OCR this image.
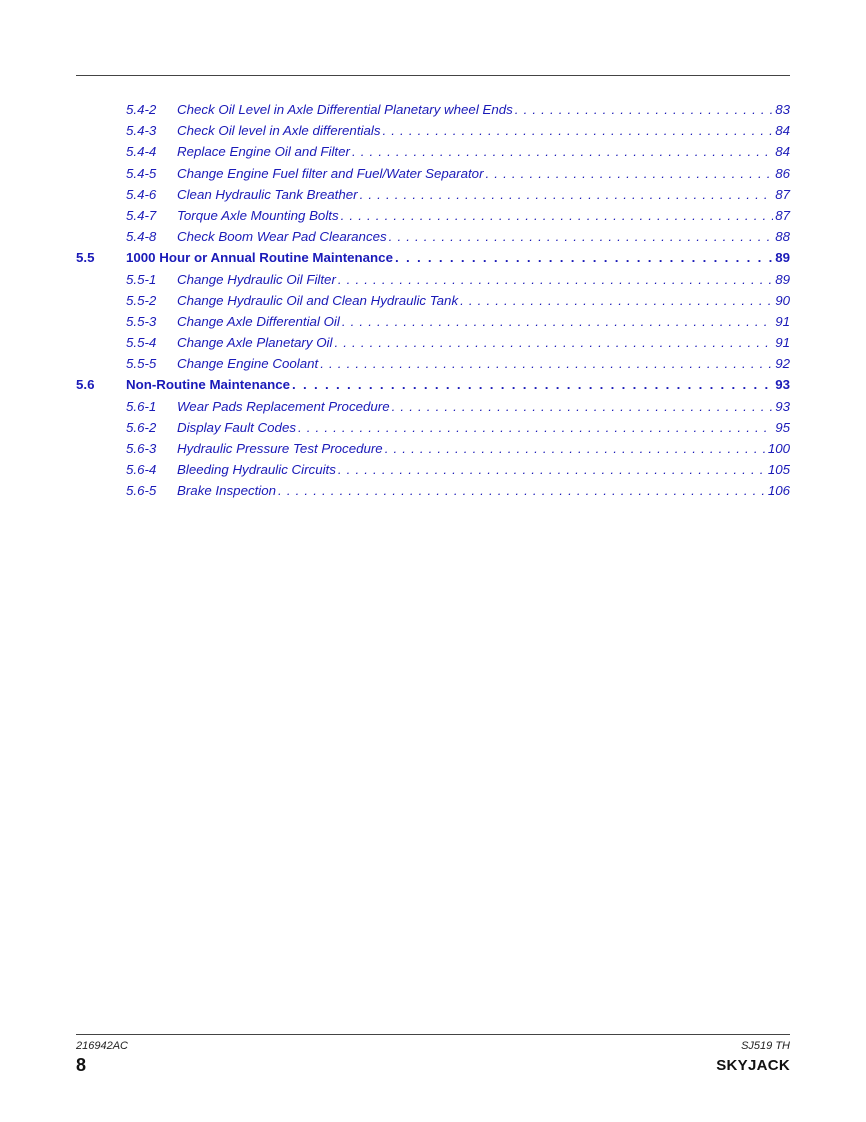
5.4-2 Check Oil Level in Axle Differential Planetary wheel Ends . . .	83
5.4-3 Check Oil level in Axle differentials . . .	84
5.4-4 Replace Engine Oil and Filter . . .	84
5.4-5 Change Engine Fuel filter and Fuel/Water Separator . . .	86
5.4-6 Clean Hydraulic Tank Breather . . .	87
5.4-7 Torque Axle Mounting Bolts . . .	87
5.4-8 Check Boom Wear Pad Clearances . . .	88
5.5 1000 Hour or Annual Routine Maintenance . . .	89
5.5-1 Change Hydraulic Oil Filter . . .	89
5.5-2 Change Hydraulic Oil and Clean Hydraulic Tank . . .	90
5.5-3 Change Axle Differential Oil . . .	91
5.5-4 Change Axle Planetary Oil . . .	91
5.5-5 Change Engine Coolant . . .	92
5.6 Non-Routine Maintenance . . .	93
5.6-1 Wear Pads Replacement Procedure . . .	93
5.6-2 Display Fault Codes . . .	95
5.6-3 Hydraulic Pressure Test Procedure . . .	100
5.6-4 Bleeding Hydraulic Circuits . . .	105
5.6-5 Brake Inspection . . .	106
216942AC	SJ519 TH
8	SKYJACK
